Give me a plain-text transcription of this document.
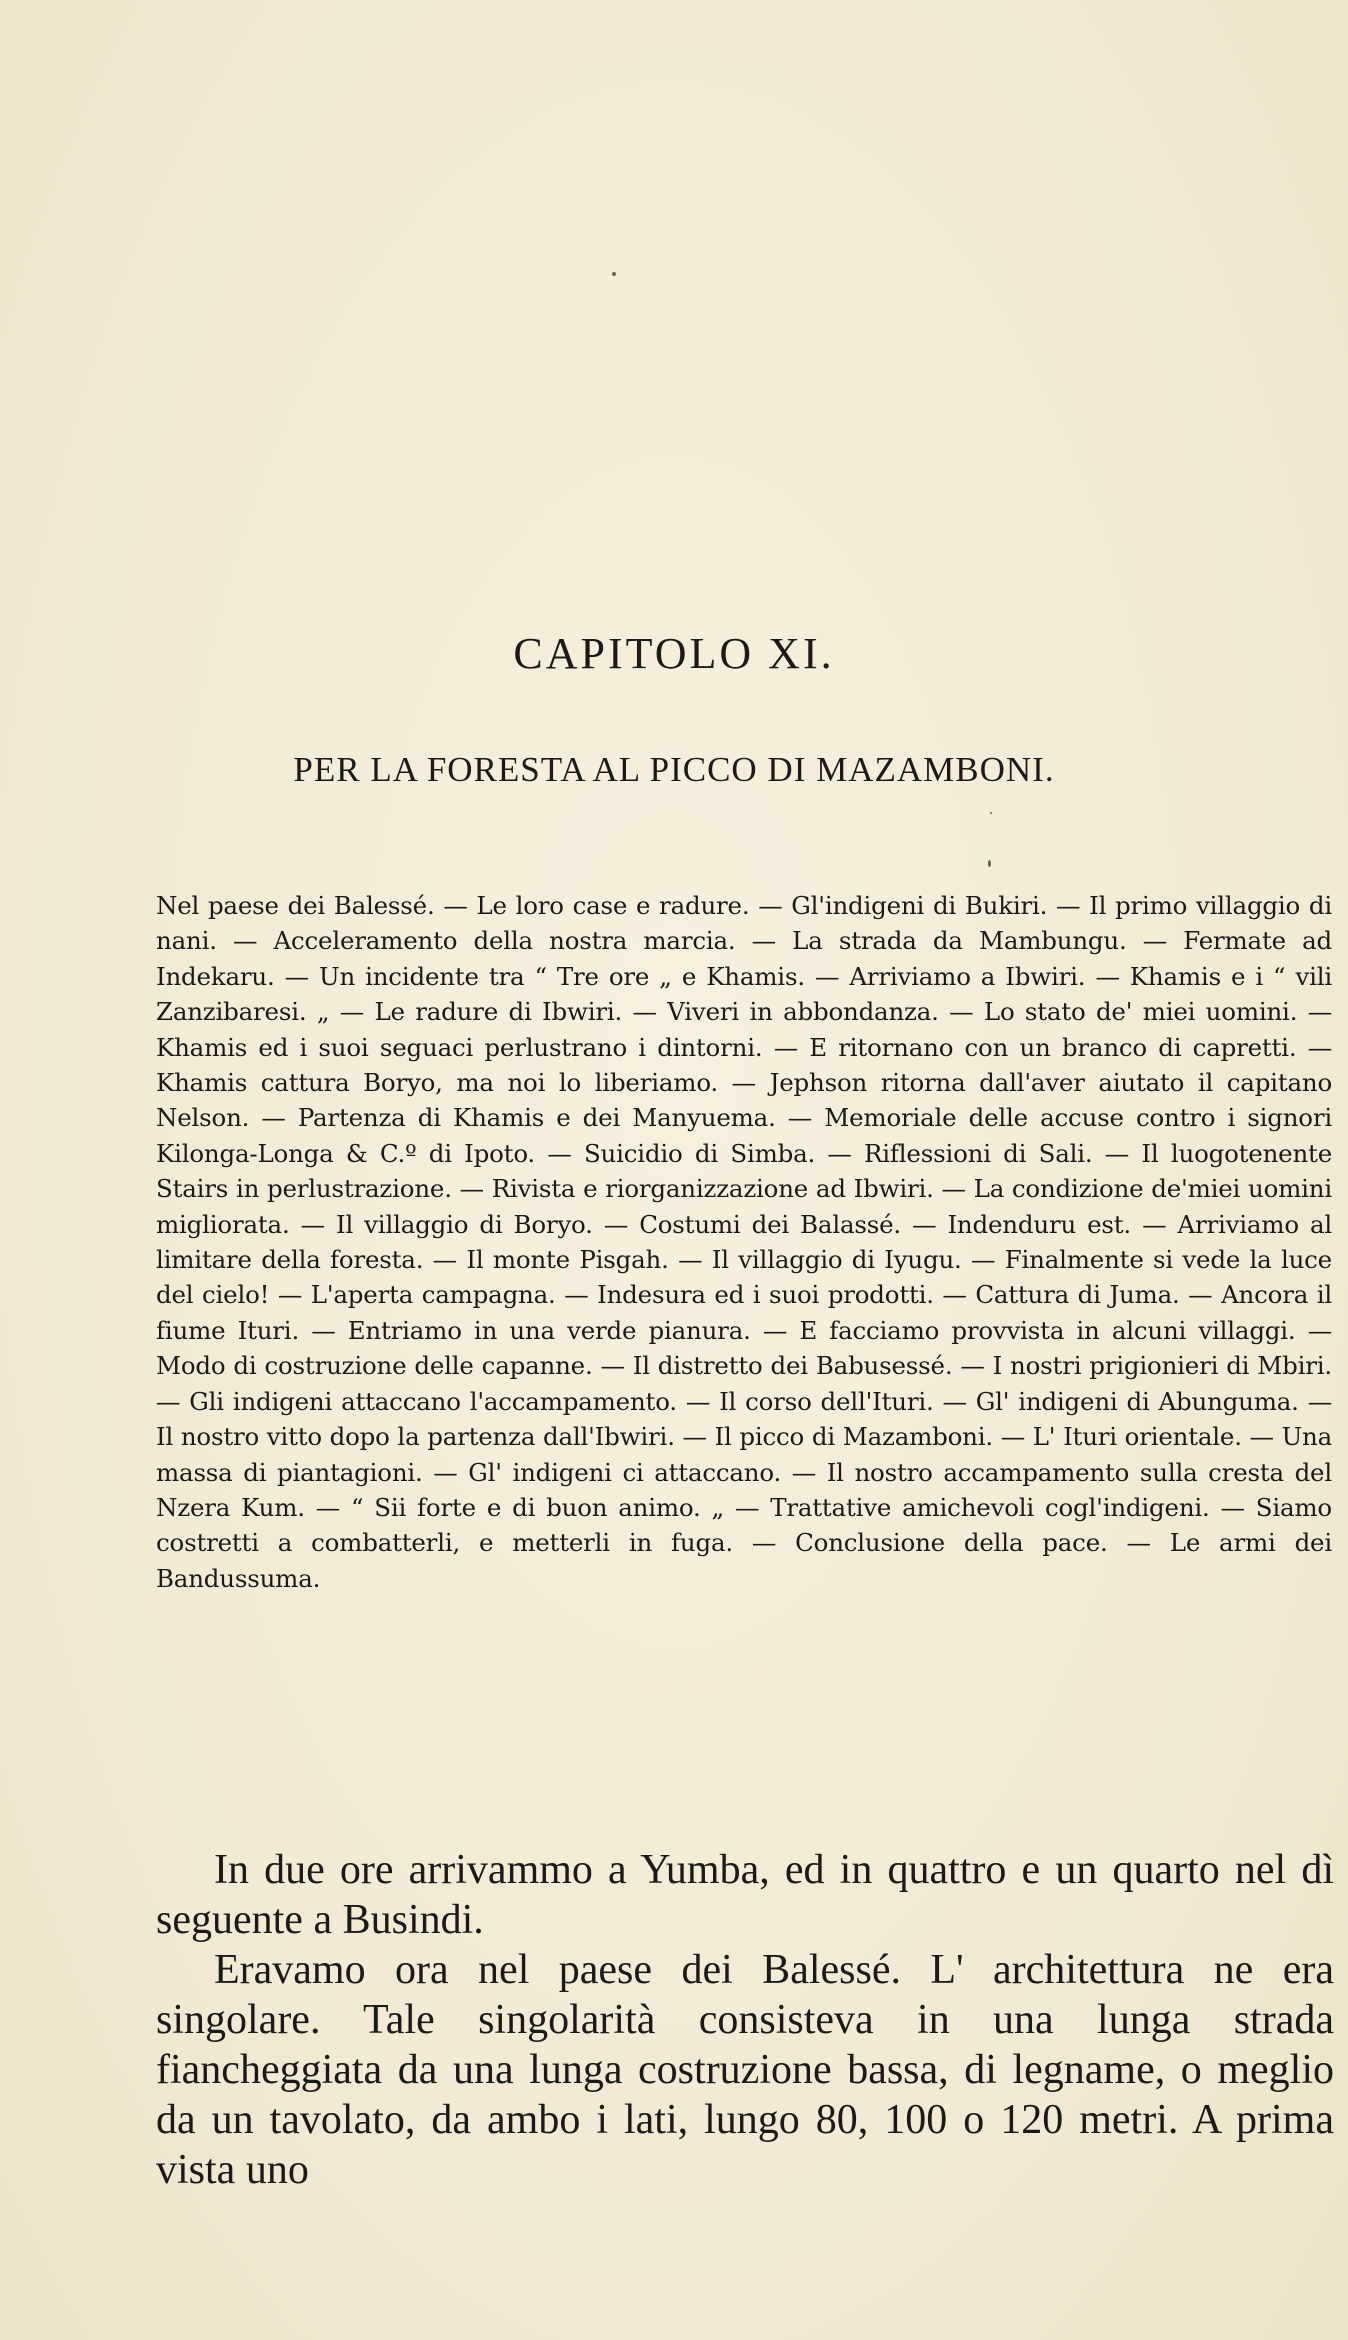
CAPITOLO XI.
PER LA FORESTA AL PICCO DI MAZAMBONI.
Nel paese dei Balessé. — Le loro case e radure. — Gl'indigeni di Bukiri. — Il primo villaggio di nani. — Acceleramento della nostra marcia. — La strada da Mambungu. — Fermate ad Indekaru. — Un incidente tra “ Tre ore „ e Khamis. — Arriviamo a Ibwiri. — Khamis e i “ vili Zanzibaresi. „ — Le radure di Ibwiri. — Viveri in abbondanza. — Lo stato de' miei uomini. — Khamis ed i suoi seguaci perlustrano i dintorni. — E ritornano con un branco di capretti. — Khamis cattura Boryo, ma noi lo liberiamo. — Jephson ritorna dall'aver aiutato il capitano Nelson. — Partenza di Khamis e dei Manyuema. — Memoriale delle accuse contro i signori Kilonga-Longa & C.º di Ipoto. — Suicidio di Simba. — Riflessioni di Sali. — Il luogotenente Stairs in perlustrazione. — Rivista e riorganizzazione ad Ibwiri. — La condizione de'miei uomini migliorata. — Il villaggio di Boryo. — Costumi dei Balassé. — Indenduru est. — Arriviamo al limitare della foresta. — Il monte Pisgah. — Il villaggio di Iyugu. — Finalmente si vede la luce del cielo! — L'aperta campagna. — Indesura ed i suoi prodotti. — Cattura di Juma. — Ancora il fiume Ituri. — Entriamo in una verde pianura. — E facciamo provvista in alcuni villaggi. — Modo di costruzione delle capanne. — Il distretto dei Babusessé. — I nostri prigionieri di Mbiri. — Gli indigeni attaccano l'accampamento. — Il corso dell'Ituri. — Gl' indigeni di Abunguma. — Il nostro vitto dopo la partenza dall'Ibwiri. — Il picco di Mazamboni. — L' Ituri orientale. — Una massa di piantagioni. — Gl' indigeni ci attaccano. — Il nostro accampamento sulla cresta del Nzera Kum. — “ Sii forte e di buon animo. „ — Trattative amichevoli cogl'indigeni. — Siamo costretti a combatterli, e metterli in fuga. — Conclusione della pace. — Le armi dei Bandussuma.

In due ore arrivammo a Yumba, ed in quattro e un quarto nel dì seguente a Busindi.

Eravamo ora nel paese dei Balessé. L' architettura ne era singolare. Tale singolarità consisteva in una lunga strada fiancheggiata da una lunga costruzione bassa, di legname, o meglio da un tavolato, da ambo i lati, lungo 80, 100 o 120 metri. A prima vista uno
